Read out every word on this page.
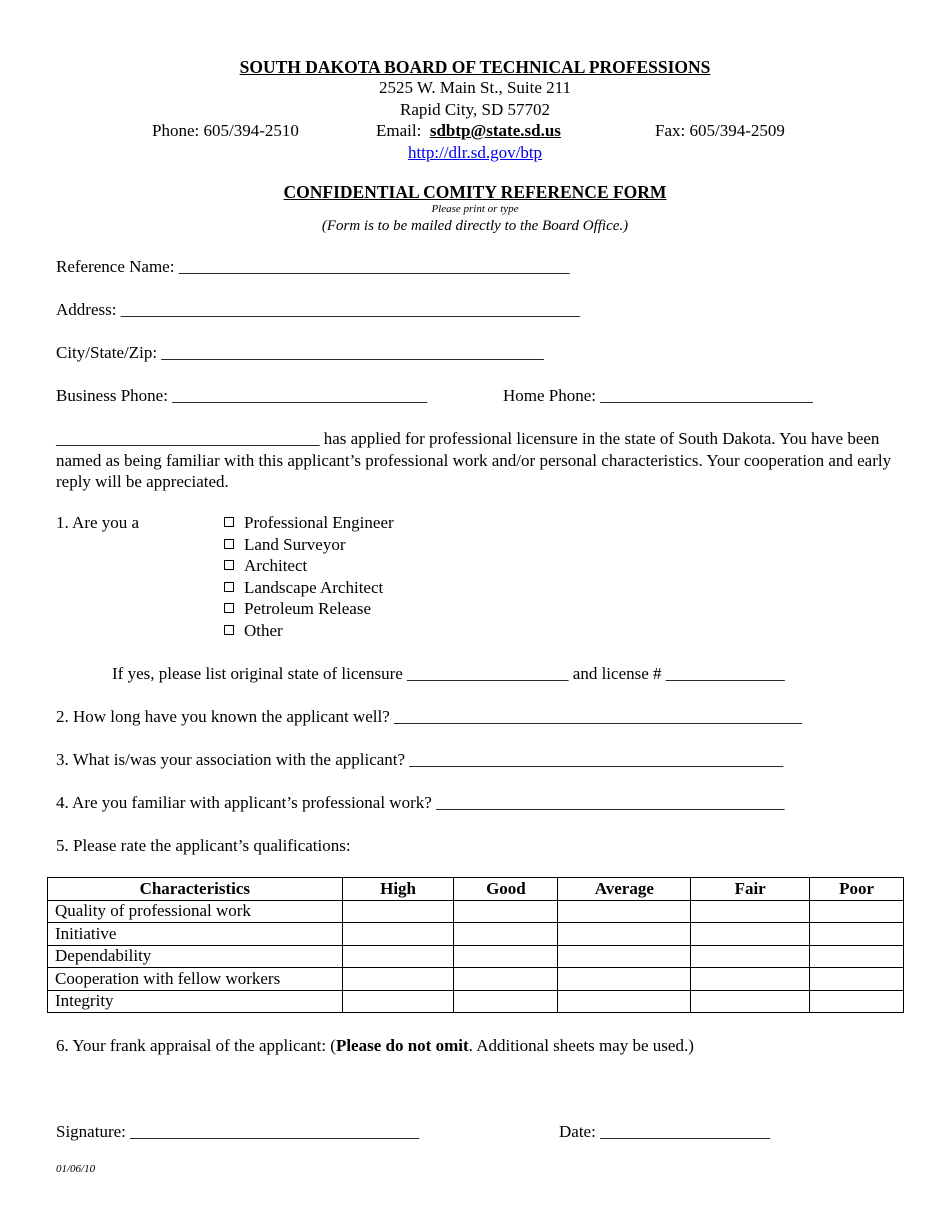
SOUTH DAKOTA BOARD OF TECHNICAL PROFESSIONS
2525 W. Main St., Suite 211
Rapid City, SD 57702
Phone: 605/394-2510	Email: sdbtp@state.sd.us	Fax: 605/394-2509
http://dlr.sd.gov/btp
CONFIDENTIAL COMITY REFERENCE FORM
Please print or type
(Form is to be mailed directly to the Board Office.)
Reference Name: ______________________________________________
Address: ______________________________________________________
City/State/Zip: _____________________________________________
Business Phone: ______________________________	Home Phone: _________________________
_______________________________ has applied for professional licensure in the state of South Dakota. You have been named as being familiar with this applicant’s professional work and/or personal characteristics. Your cooperation and early reply will be appreciated.
1. Are you a	Professional Engineer
Land Surveyor
Architect
Landscape Architect
Petroleum Release
Other
If yes, please list original state of licensure ___________________ and license # ______________
2. How long have you known the applicant well? ________________________________________________
3. What is/was your association with the applicant? ____________________________________________
4. Are you familiar with applicant’s professional work? _________________________________________
5. Please rate the applicant’s qualifications:
Characteristics	High	Good	Average	Fair	Poor
Quality of professional work					
Initiative					
Dependability					
Cooperation with fellow workers					
Integrity					
6. Your frank appraisal of the applicant: (Please do not omit. Additional sheets may be used.)
Signature: __________________________________	Date: ____________________
01/06/10
